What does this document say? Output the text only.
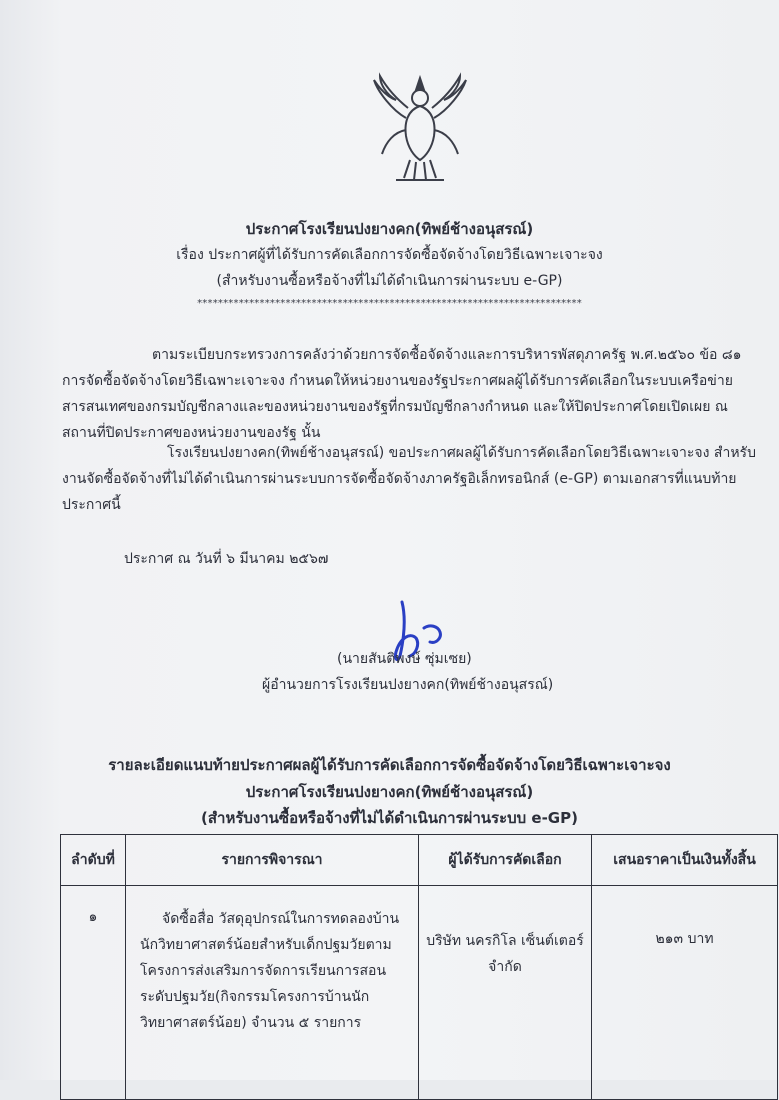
ประกาศโรงเรียนปงยางคก(ทิพย์ช้างอนุสรณ์)
เรื่อง ประกาศผู้ที่ได้รับการคัดเลือกการจัดซื้อจัดจ้างโดยวิธีเฉพาะเจาะจง
(สำหรับงานซื้อหรือจ้างที่ไม่ได้ดำเนินการผ่านระบบ e-GP)
**************************************************************************
ตามระเบียบกระทรวงการคลังว่าด้วยการจัดซื้อจัดจ้างและการบริหารพัสดุภาครัฐ พ.ศ.๒๕๖๐ ข้อ ๘๑ การจัดซื้อจัดจ้างโดยวิธีเฉพาะเจาะจง กำหนดให้หน่วยงานของรัฐประกาศผลผู้ได้รับการคัดเลือกในระบบเครือข่ายสารสนเทศของกรมบัญชีกลางและของหน่วยงานของรัฐที่กรมบัญชีกลางกำหนด และให้ปิดประกาศโดยเปิดเผย ณ สถานที่ปิดประกาศของหน่วยงานของรัฐ นั้น
โรงเรียนปงยางคก(ทิพย์ช้างอนุสรณ์) ขอประกาศผลผู้ได้รับการคัดเลือกโดยวิธีเฉพาะเจาะจง สำหรับงานจัดซื้อจัดจ้างที่ไม่ได้ดำเนินการผ่านระบบการจัดซื้อจัดจ้างภาครัฐอิเล็กทรอนิกส์ (e-GP) ตามเอกสารที่แนบท้ายประกาศนี้
ประกาศ ณ วันที่ ๖ มีนาคม ๒๕๖๗
(นายสันติพงษ์ ซุ่มเซย)
ผู้อำนวยการโรงเรียนปงยางคก(ทิพย์ช้างอนุสรณ์)
รายละเอียดแนบท้ายประกาศผลผู้ได้รับการคัดเลือกการจัดซื้อจัดจ้างโดยวิธีเฉพาะเจาะจง
ประกาศโรงเรียนปงยางคก(ทิพย์ช้างอนุสรณ์)
(สำหรับงานซื้อหรือจ้างที่ไม่ได้ดำเนินการผ่านระบบ e-GP)
ลำดับที่	รายการพิจารณา	ผู้ได้รับการคัดเลือก	เสนอราคาเป็นเงินทั้งสิ้น
๑	จัดซื้อสื่อ วัสดุอุปกรณ์ในการทดลองบ้านนักวิทยาศาสตร์น้อยสำหรับเด็กปฐมวัยตามโครงการส่งเสริมการจัดการเรียนการสอนระดับปฐมวัย(กิจกรรมโครงการบ้านนักวิทยาศาสตร์น้อย) จำนวน ๕ รายการ	บริษัท นครกิโล เซ็นต์เตอร์ จำกัด	๒๑๓ บาท
